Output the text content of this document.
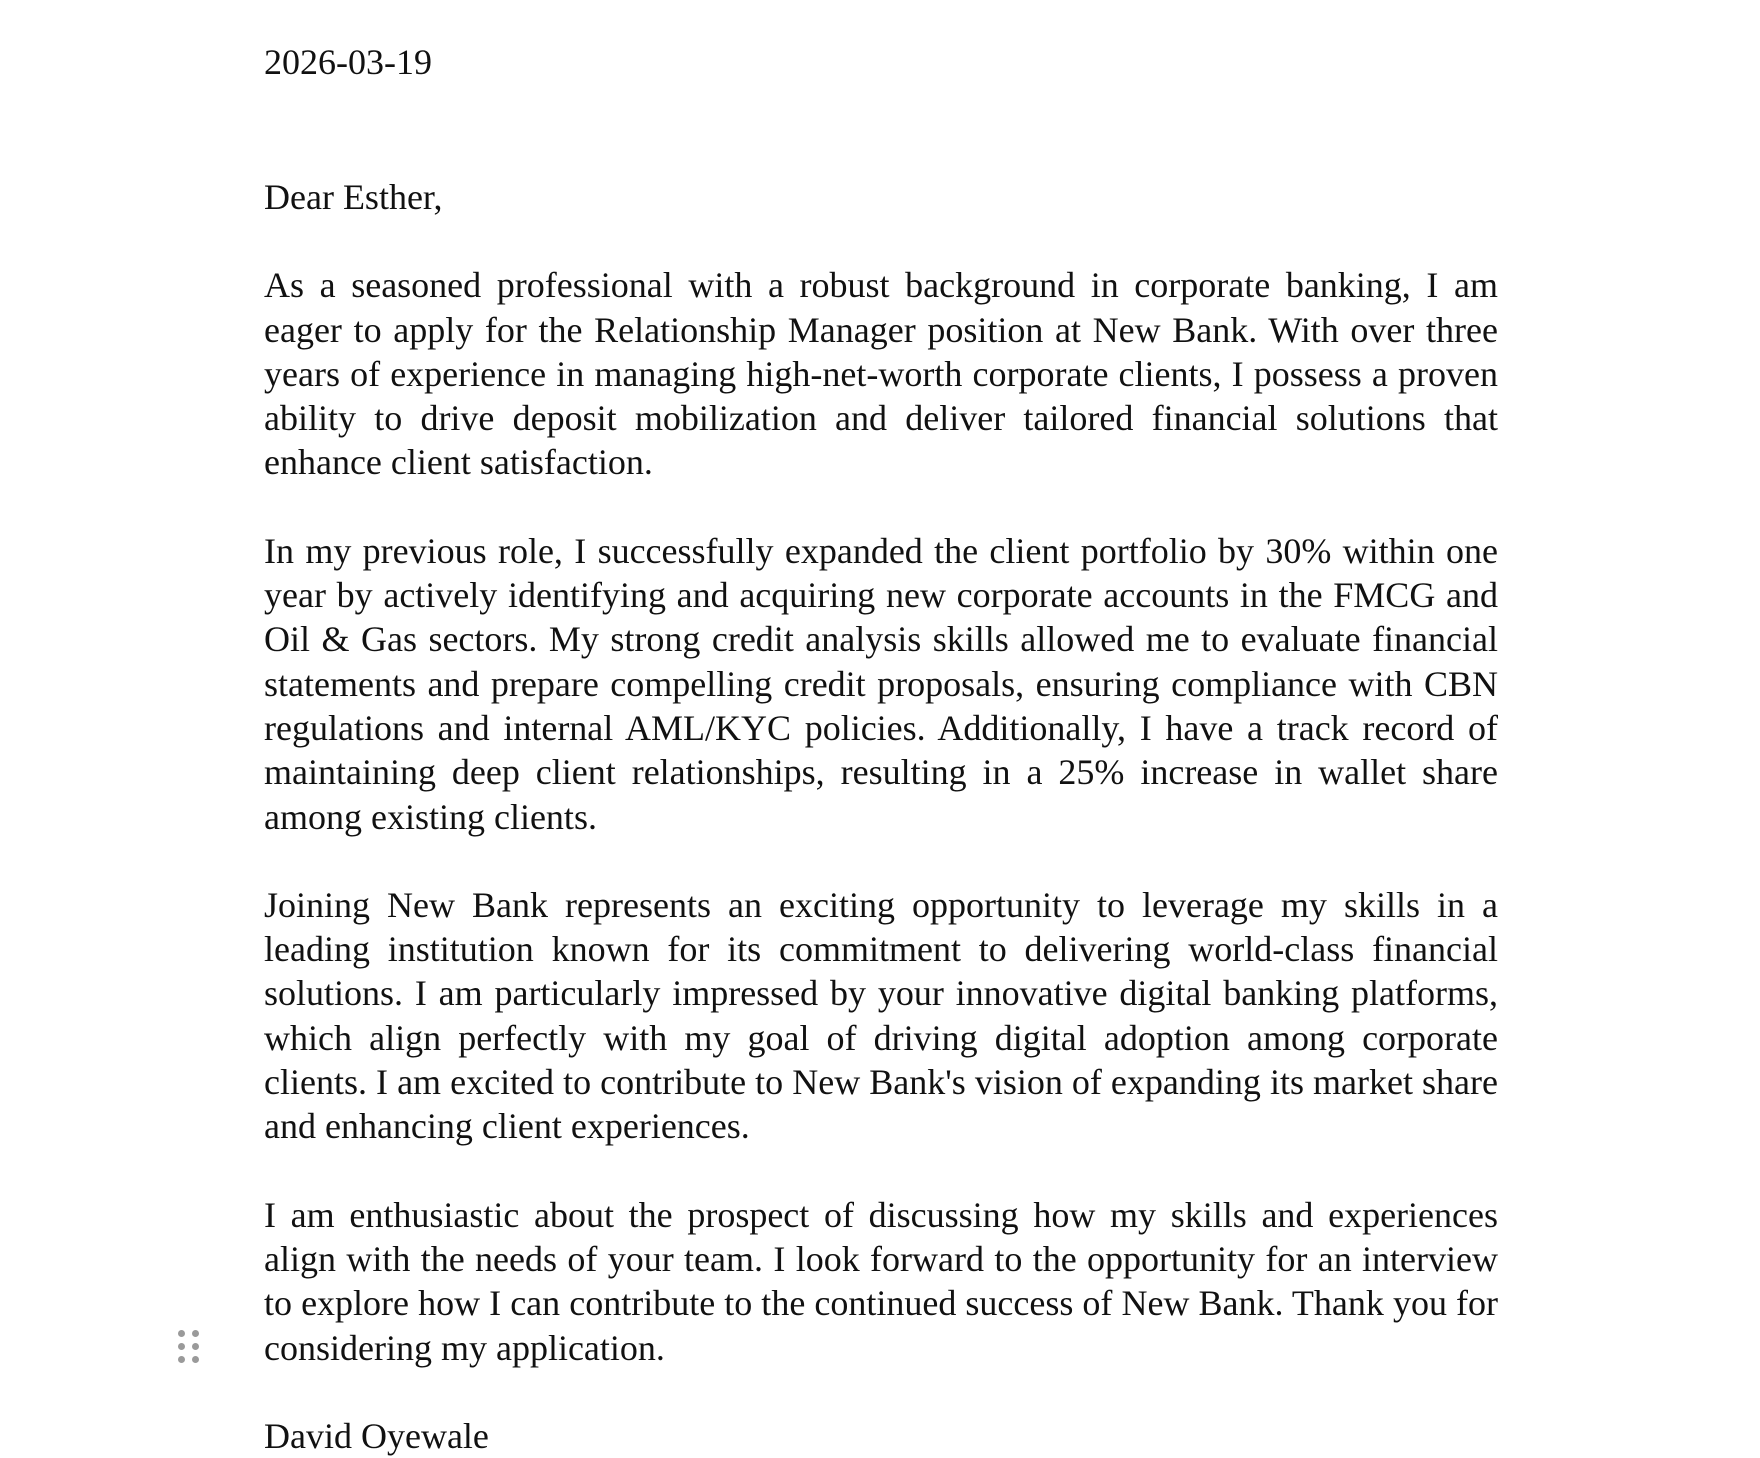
2026-03-19

Dear Esther,

As a seasoned professional with a robust background in corporate banking, I am eager to apply for the Relationship Manager position at New Bank. With over three years of experience in managing high-net-worth corporate clients, I possess a proven ability to drive deposit mobilization and deliver tailored financial solutions that enhance client satisfaction.

In my previous role, I successfully expanded the client portfolio by 30% within one year by actively identifying and acquiring new corporate accounts in the FMCG and Oil & Gas sectors. My strong credit analysis skills allowed me to evaluate financial statements and prepare compelling credit proposals, ensuring compliance with CBN regulations and internal AML/KYC policies. Additionally, I have a track record of maintaining deep client relationships, resulting in a 25% increase in wallet share among existing clients.

Joining New Bank represents an exciting opportunity to leverage my skills in a leading institution known for its commitment to delivering world-class financial solutions. I am particularly impressed by your innovative digital banking platforms, which align perfectly with my goal of driving digital adoption among corporate clients. I am excited to contribute to New Bank's vision of expanding its market share and enhancing client experiences.

I am enthusiastic about the prospect of discussing how my skills and experiences align with the needs of your team. I look forward to the opportunity for an interview to explore how I can contribute to the continued success of New Bank. Thank you for considering my application.

David Oyewale
